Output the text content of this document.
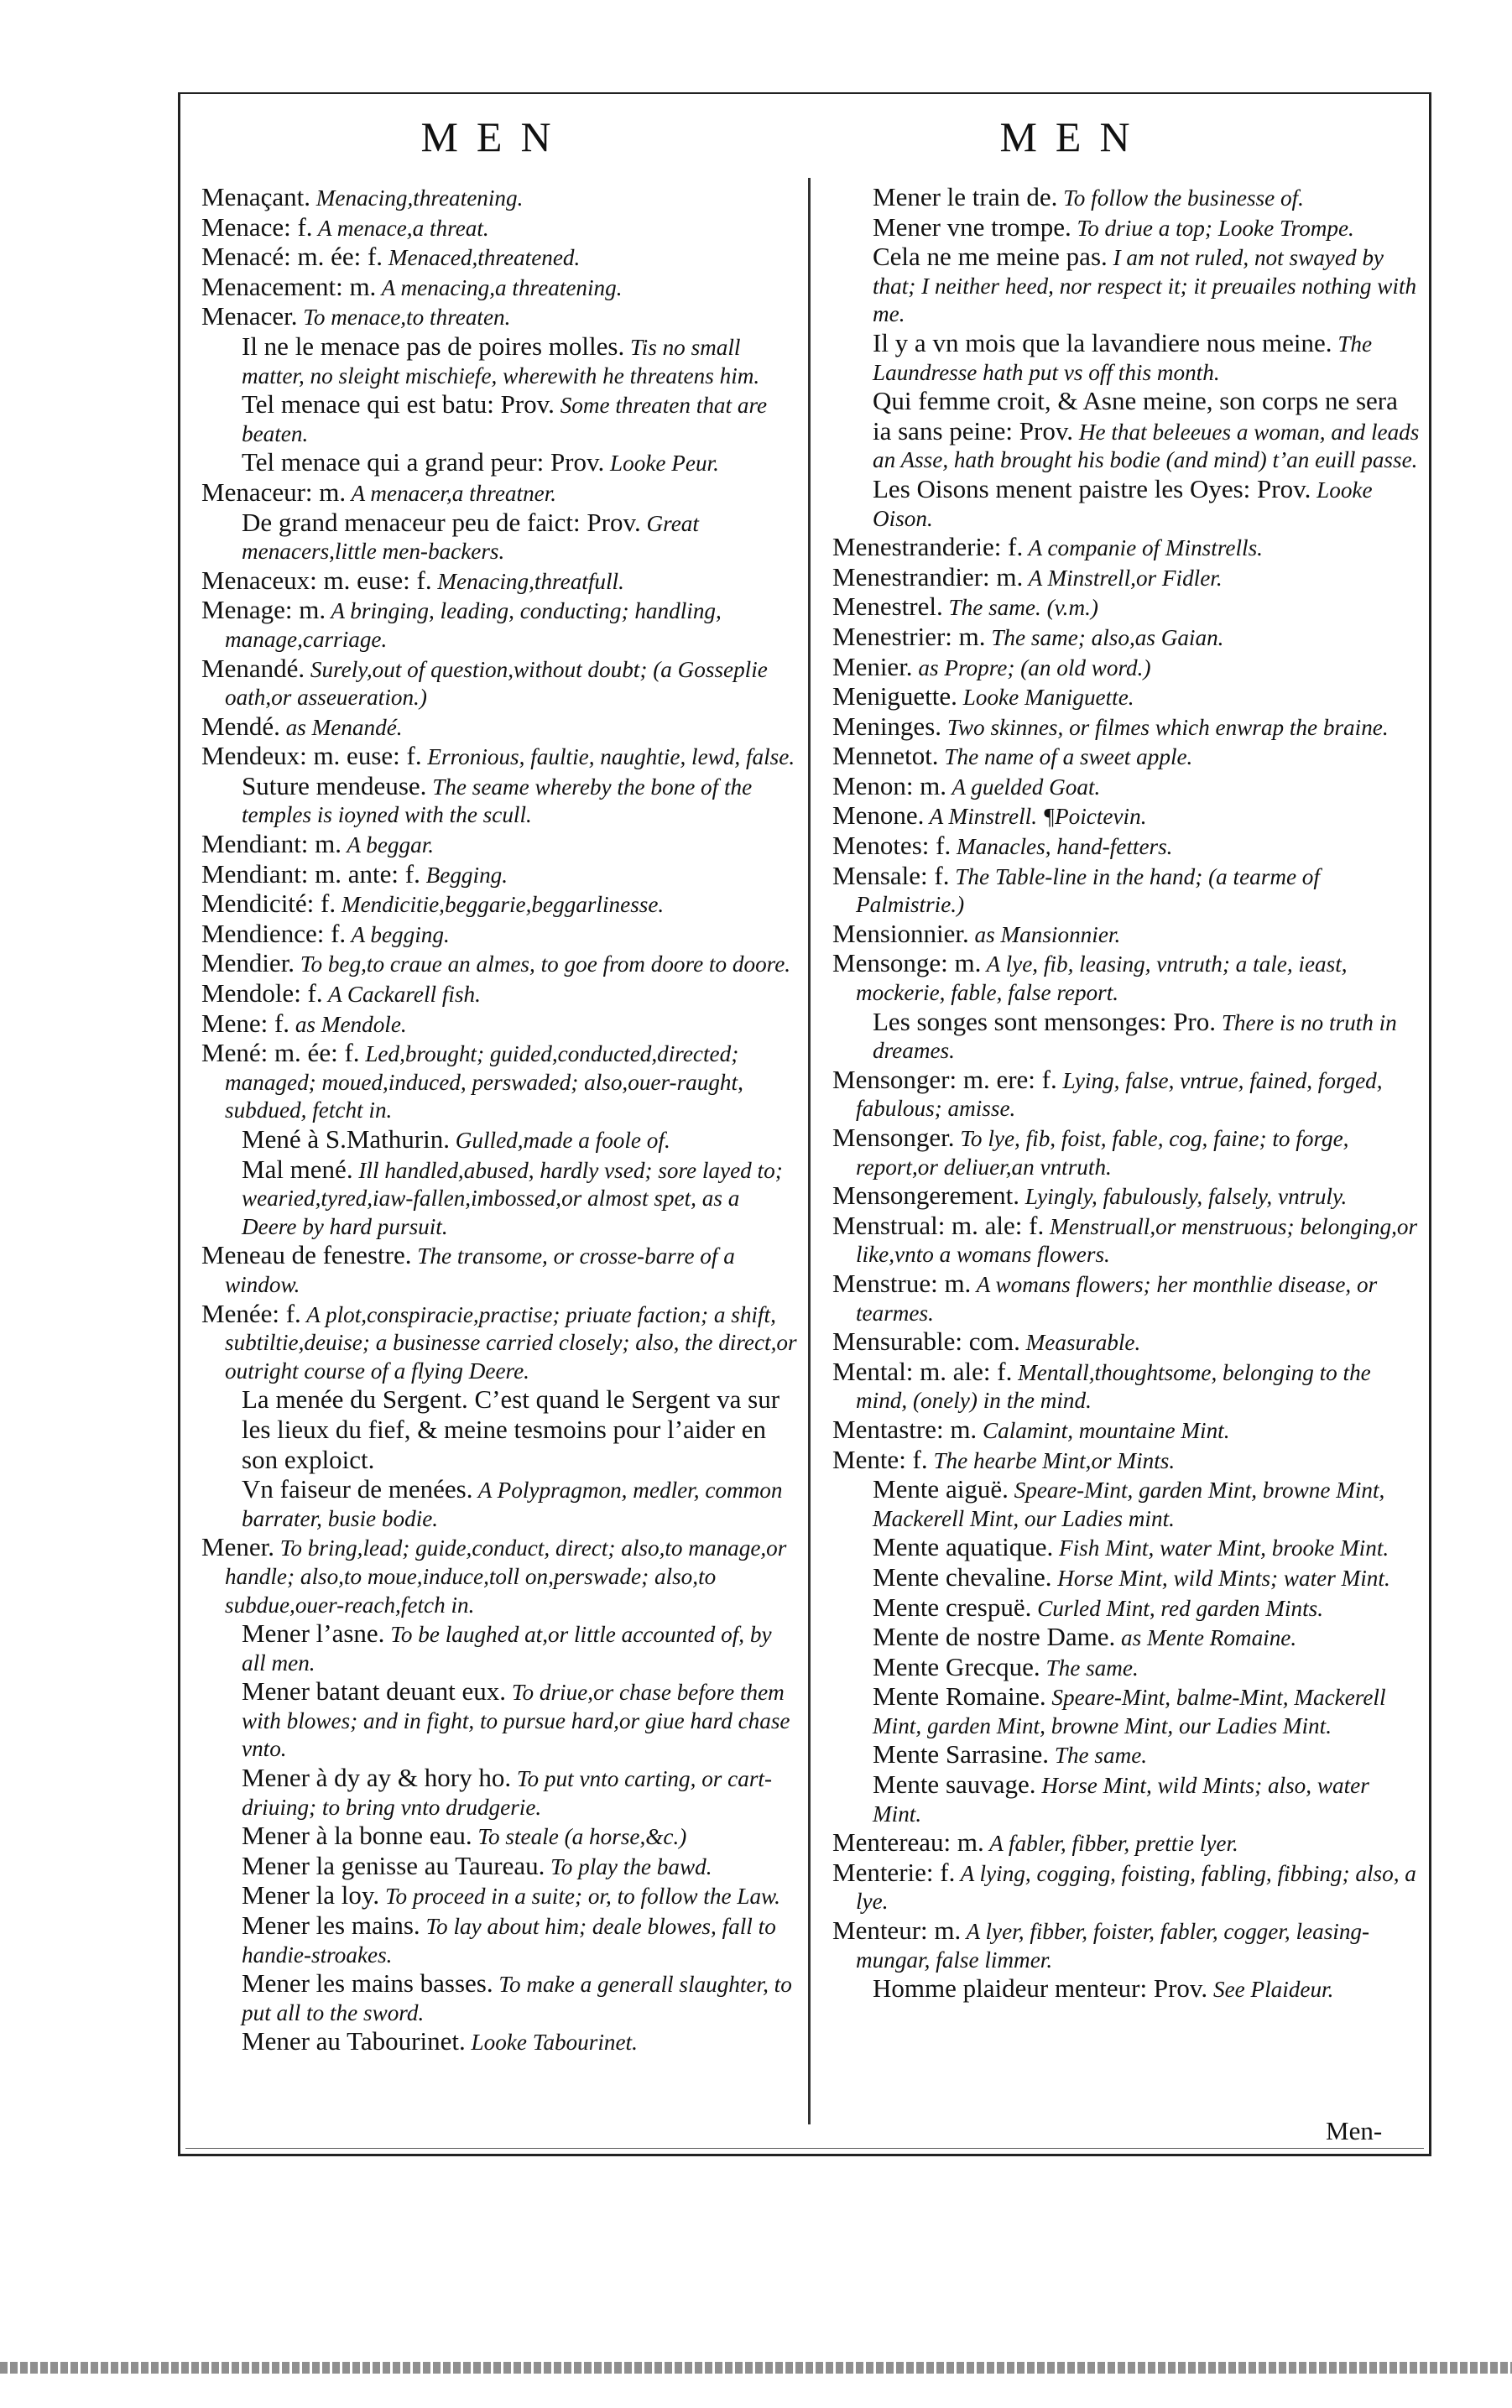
MEN	MEN

Menaçant. Menacing,threatening.

Menace: f. A menace,a threat.

Menacé: m. ée: f. Menaced,threatened.

Menacement: m. A menacing,a threatening.

Menacer. To menace,to threaten.

Il ne le menace pas de poires molles. Tis no small matter, no sleight mischiefe, wherewith he threatens him.

Tel menace qui est batu: Prov. Some threaten that are beaten.

Tel menace qui a grand peur: Prov. Looke Peur.

Menaceur: m. A menacer,a threatner.

De grand menaceur peu de faict: Prov. Great menacers,little men-backers.

Menaceux: m. euse: f. Menacing,threatfull.

Menage: m. A bringing, leading, conducting; handling, manage,carriage.

Menandé. Surely,out of question,without doubt; (a Gosseplie oath,or asseueration.)

Mendé. as Menandé.

Mendeux: m. euse: f. Erronious, faultie, naughtie, lewd, false.

Suture mendeuse. The seame whereby the bone of the temples is ioyned with the scull.

Mendiant: m. A beggar.

Mendiant: m. ante: f. Begging.

Mendicité: f. Mendicitie,beggarie,beggarlinesse.

Mendience: f. A begging.

Mendier. To beg,to craue an almes, to goe from doore to doore.

Mendole: f. A Cackarell fish.

Mene: f. as Mendole.

Mené: m. ée: f. Led,brought; guided,conducted,directed; managed; moued,induced, perswaded; also,ouer-raught, subdued, fetcht in.

Mené à S.Mathurin. Gulled,made a foole of.

Mal mené. Ill handled,abused, hardly vsed; sore layed to; wearied,tyred,iaw-fallen,imbossed,or almost spet, as a Deere by hard pursuit.

Meneau de fenestre. The transome, or crosse-barre of a window.

Menée: f. A plot,conspiracie,practise; priuate faction; a shift, subtiltie,deuise; a businesse carried closely; also, the direct,or outright course of a flying Deere.

La menée du Sergent. C’est quand le Sergent va sur les lieux du fief, & meine tesmoins pour l’aider en son exploict.

Vn faiseur de menées. A Polypragmon, medler, common barrater, busie bodie.

Mener. To bring,lead; guide,conduct, direct; also,to manage,or handle; also,to moue,induce,toll on,perswade; also,to subdue,ouer-reach,fetch in.

Mener l’asne. To be laughed at,or little accounted of, by all men.

Mener batant deuant eux. To driue,or chase before them with blowes; and in fight, to pursue hard,or giue hard chase vnto.

Mener à dy ay & hory ho. To put vnto carting, or cart-driuing; to bring vnto drudgerie.

Mener à la bonne eau. To steale (a horse,&c.)

Mener la genisse au Taureau. To play the bawd.

Mener la loy. To proceed in a suite; or, to follow the Law.

Mener les mains. To lay about him; deale blowes, fall to handie-stroakes.

Mener les mains basses. To make a generall slaughter, to put all to the sword.

Mener au Tabourinet. Looke Tabourinet.

Mener le train de. To follow the businesse of.

Mener vne trompe. To driue a top; Looke Trompe.

Cela ne me meine pas. I am not ruled, not swayed by that; I neither heed, nor respect it; it preuailes nothing with me.

Il y a vn mois que la lavandiere nous meine. The Laundresse hath put vs off this month.

Qui femme croit, & Asne meine, son corps ne sera ia sans peine: Prov. He that beleeues a woman, and leads an Asse, hath brought his bodie (and mind) t’an euill passe.

Les Oisons menent paistre les Oyes: Prov. Looke Oison.

Menestranderie: f. A companie of Minstrells.

Menestrandier: m. A Minstrell,or Fidler.

Menestrel. The same. (v.m.)

Menestrier: m. The same; also,as Gaian.

Menier. as Propre; (an old word.)

Meniguette. Looke Maniguette.

Meninges. Two skinnes, or filmes which enwrap the braine.

Mennetot. The name of a sweet apple.

Menon: m. A guelded Goat.

Menone. A Minstrell. ¶Poictevin.

Menotes: f. Manacles, hand-fetters.

Mensale: f. The Table-line in the hand; (a tearme of Palmistrie.)

Mensionnier. as Mansionnier.

Mensonge: m. A lye, fib, leasing, vntruth; a tale, ieast, mockerie, fable, false report.

Les songes sont mensonges: Pro. There is no truth in dreames.

Mensonger: m. ere: f. Lying, false, vntrue, fained, forged, fabulous; amisse.

Mensonger. To lye, fib, foist, fable, cog, faine; to forge, report,or deliuer,an vntruth.

Mensongerement. Lyingly, fabulously, falsely, vntruly.

Menstrual: m. ale: f. Menstruall,or menstruous; belonging,or like,vnto a womans flowers.

Menstrue: m. A womans flowers; her monthlie disease, or tearmes.

Mensurable: com. Measurable.

Mental: m. ale: f. Mentall,thoughtsome, belonging to the mind, (onely) in the mind.

Mentastre: m. Calamint, mountaine Mint.

Mente: f. The hearbe Mint,or Mints.

Mente aiguë. Speare-Mint, garden Mint, browne Mint, Mackerell Mint, our Ladies mint.

Mente aquatique. Fish Mint, water Mint, brooke Mint.

Mente chevaline. Horse Mint, wild Mints; water Mint.

Mente crespuë. Curled Mint, red garden Mints.

Mente de nostre Dame. as Mente Romaine.

Mente Grecque. The same.

Mente Romaine. Speare-Mint, balme-Mint, Mackerell Mint, garden Mint, browne Mint, our Ladies Mint.

Mente Sarrasine. The same.

Mente sauvage. Horse Mint, wild Mints; also, water Mint.

Mentereau: m. A fabler, fibber, prettie lyer.

Menterie: f. A lying, cogging, foisting, fabling, fibbing; also, a lye.

Menteur: m. A lyer, fibber, foister, fabler, cogger, leasing-mungar, false limmer.

Homme plaideur menteur: Prov. See Plaideur.

Men-
